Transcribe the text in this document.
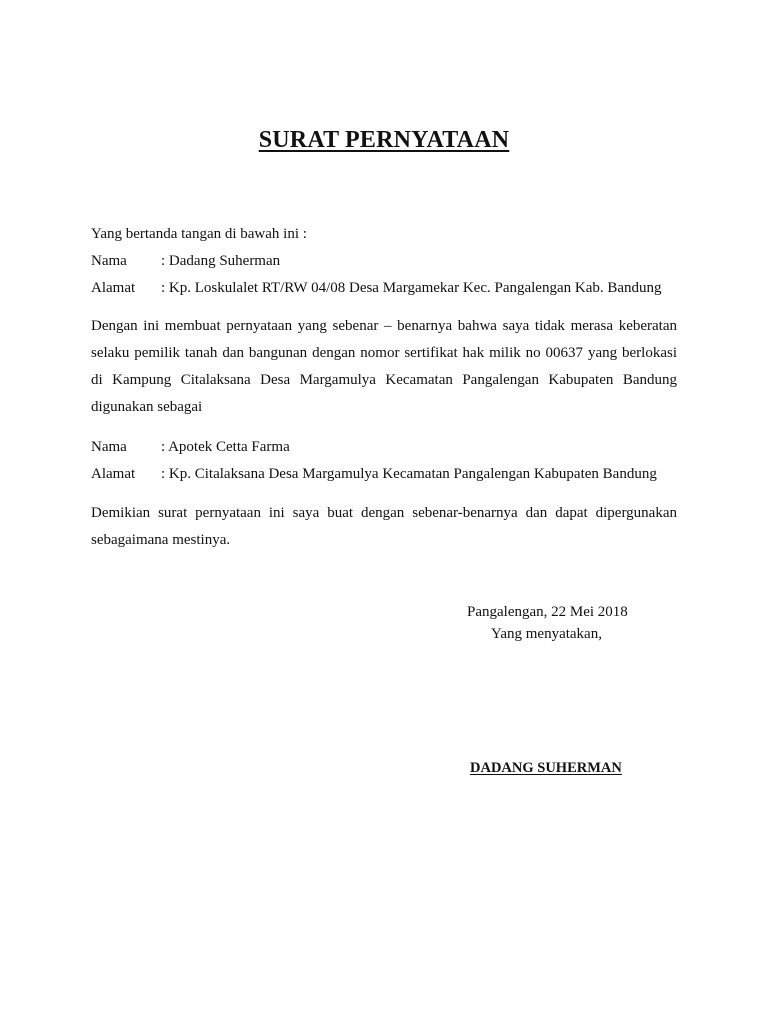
SURAT PERNYATAAN
Yang bertanda tangan di bawah ini :
Nama : Dadang Suherman
Alamat : Kp. Loskulalet RT/RW 04/08 Desa Margamekar Kec. Pangalengan Kab. Bandung
Dengan ini membuat pernyataan yang sebenar – benarnya bahwa saya tidak merasa keberatan selaku pemilik tanah dan bangunan dengan nomor sertifikat hak milik no 00637 yang berlokasi di Kampung Citalaksana Desa Margamulya Kecamatan Pangalengan Kabupaten Bandung digunakan sebagai
Nama : Apotek Cetta Farma
Alamat : Kp. Citalaksana Desa Margamulya Kecamatan Pangalengan Kabupaten Bandung
Demikian surat pernyataan ini saya buat dengan sebenar-benarnya dan dapat dipergunakan sebagaimana mestinya.
Pangalengan, 22 Mei 2018
Yang menyatakan,
DADANG SUHERMAN
